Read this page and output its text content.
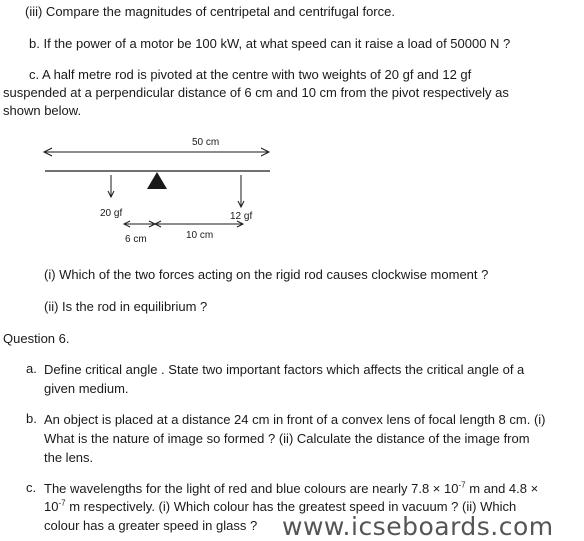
(iii) Compare the magnitudes of centripetal and centrifugal force.
b. If the power of a motor be 100 kW, at what speed can it raise a load of 50000 N ?
c. A half metre rod is pivoted at the centre with two weights of 20 gf and 12 gf
suspended at a perpendicular distance of 6 cm and 10 cm from the pivot respectively as
shown below.
50 cm
20 gf	12 gf
6 cm	10 cm
(i) Which of the two forces acting on the rigid rod causes clockwise moment ?
(ii) Is the rod in equilibrium ?
Question 6.
a. Define critical angle . State two important factors which affects the critical angle of a
given medium.
b. An object is placed at a distance 24 cm in front of a convex lens of focal length 8 cm. (i)
What is the nature of image so formed ? (ii) Calculate the distance of the image from
the lens.
c. The wavelengths for the light of red and blue colours are nearly $7.8 \times 10^{-7}$ m and 4.8 ×
$10^{-7}$ m respectively. (i) Which colour has the greatest speed in vacuum ? (ii) Which
colour has a greater speed in glass ? www.icseboards.com
